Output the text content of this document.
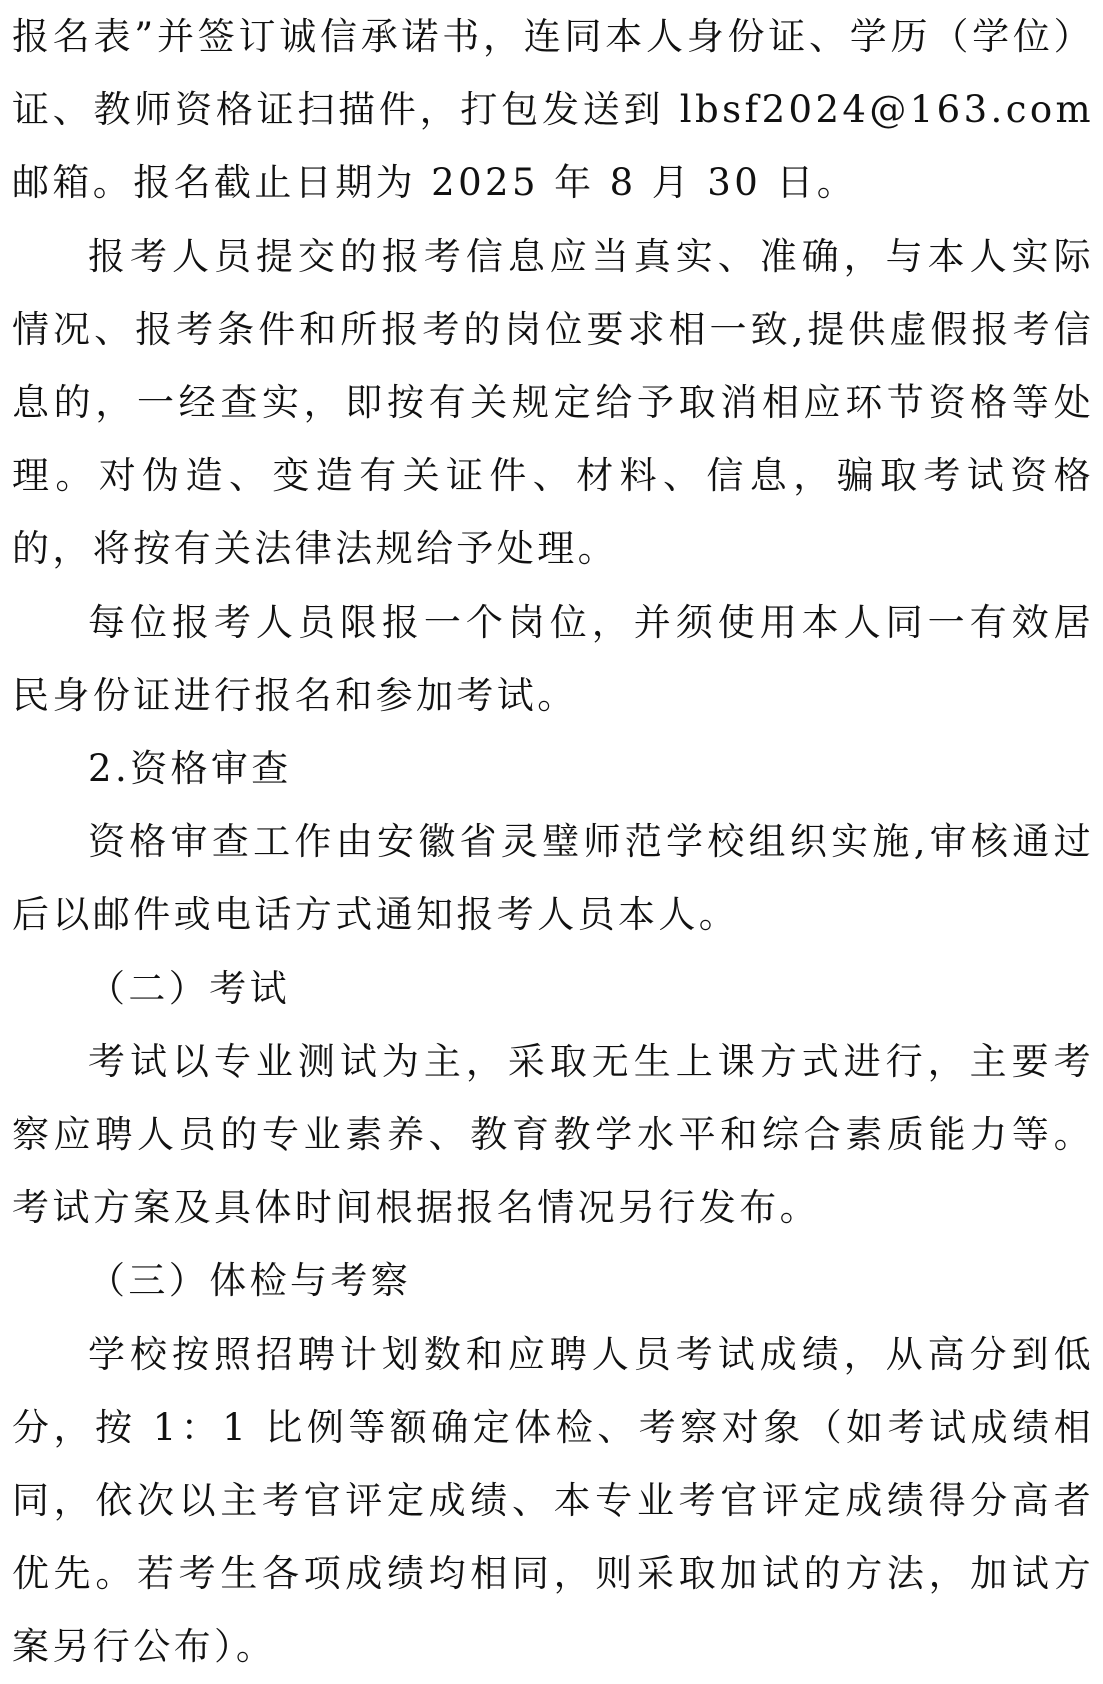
报名表”并签订诚信承诺书，连同本人身份证、学历（学位）证、教师资格证扫描件，打包发送到 lbsf2024@163.com 邮箱。报名截止日期为 2025 年 8 月 30 日。

报考人员提交的报考信息应当真实、准确，与本人实际情况、报考条件和所报考的岗位要求相一致,提供虚假报考信息的，一经查实，即按有关规定给予取消相应环节资格等处理。对伪造、变造有关证件、材料、信息，骗取考试资格的，将按有关法律法规给予处理。

每位报考人员限报一个岗位，并须使用本人同一有效居民身份证进行报名和参加考试。

2.资格审查

资格审查工作由安徽省灵璧师范学校组织实施,审核通过后以邮件或电话方式通知报考人员本人。

（二）考试

考试以专业测试为主，采取无生上课方式进行，主要考察应聘人员的专业素养、教育教学水平和综合素质能力等。考试方案及具体时间根据报名情况另行发布。

（三）体检与考察

学校按照招聘计划数和应聘人员考试成绩，从高分到低分，按 1：1 比例等额确定体检、考察对象（如考试成绩相同，依次以主考官评定成绩、本专业考官评定成绩得分高者优先。若考生各项成绩均相同，则采取加试的方法，加试方案另行公布）。
